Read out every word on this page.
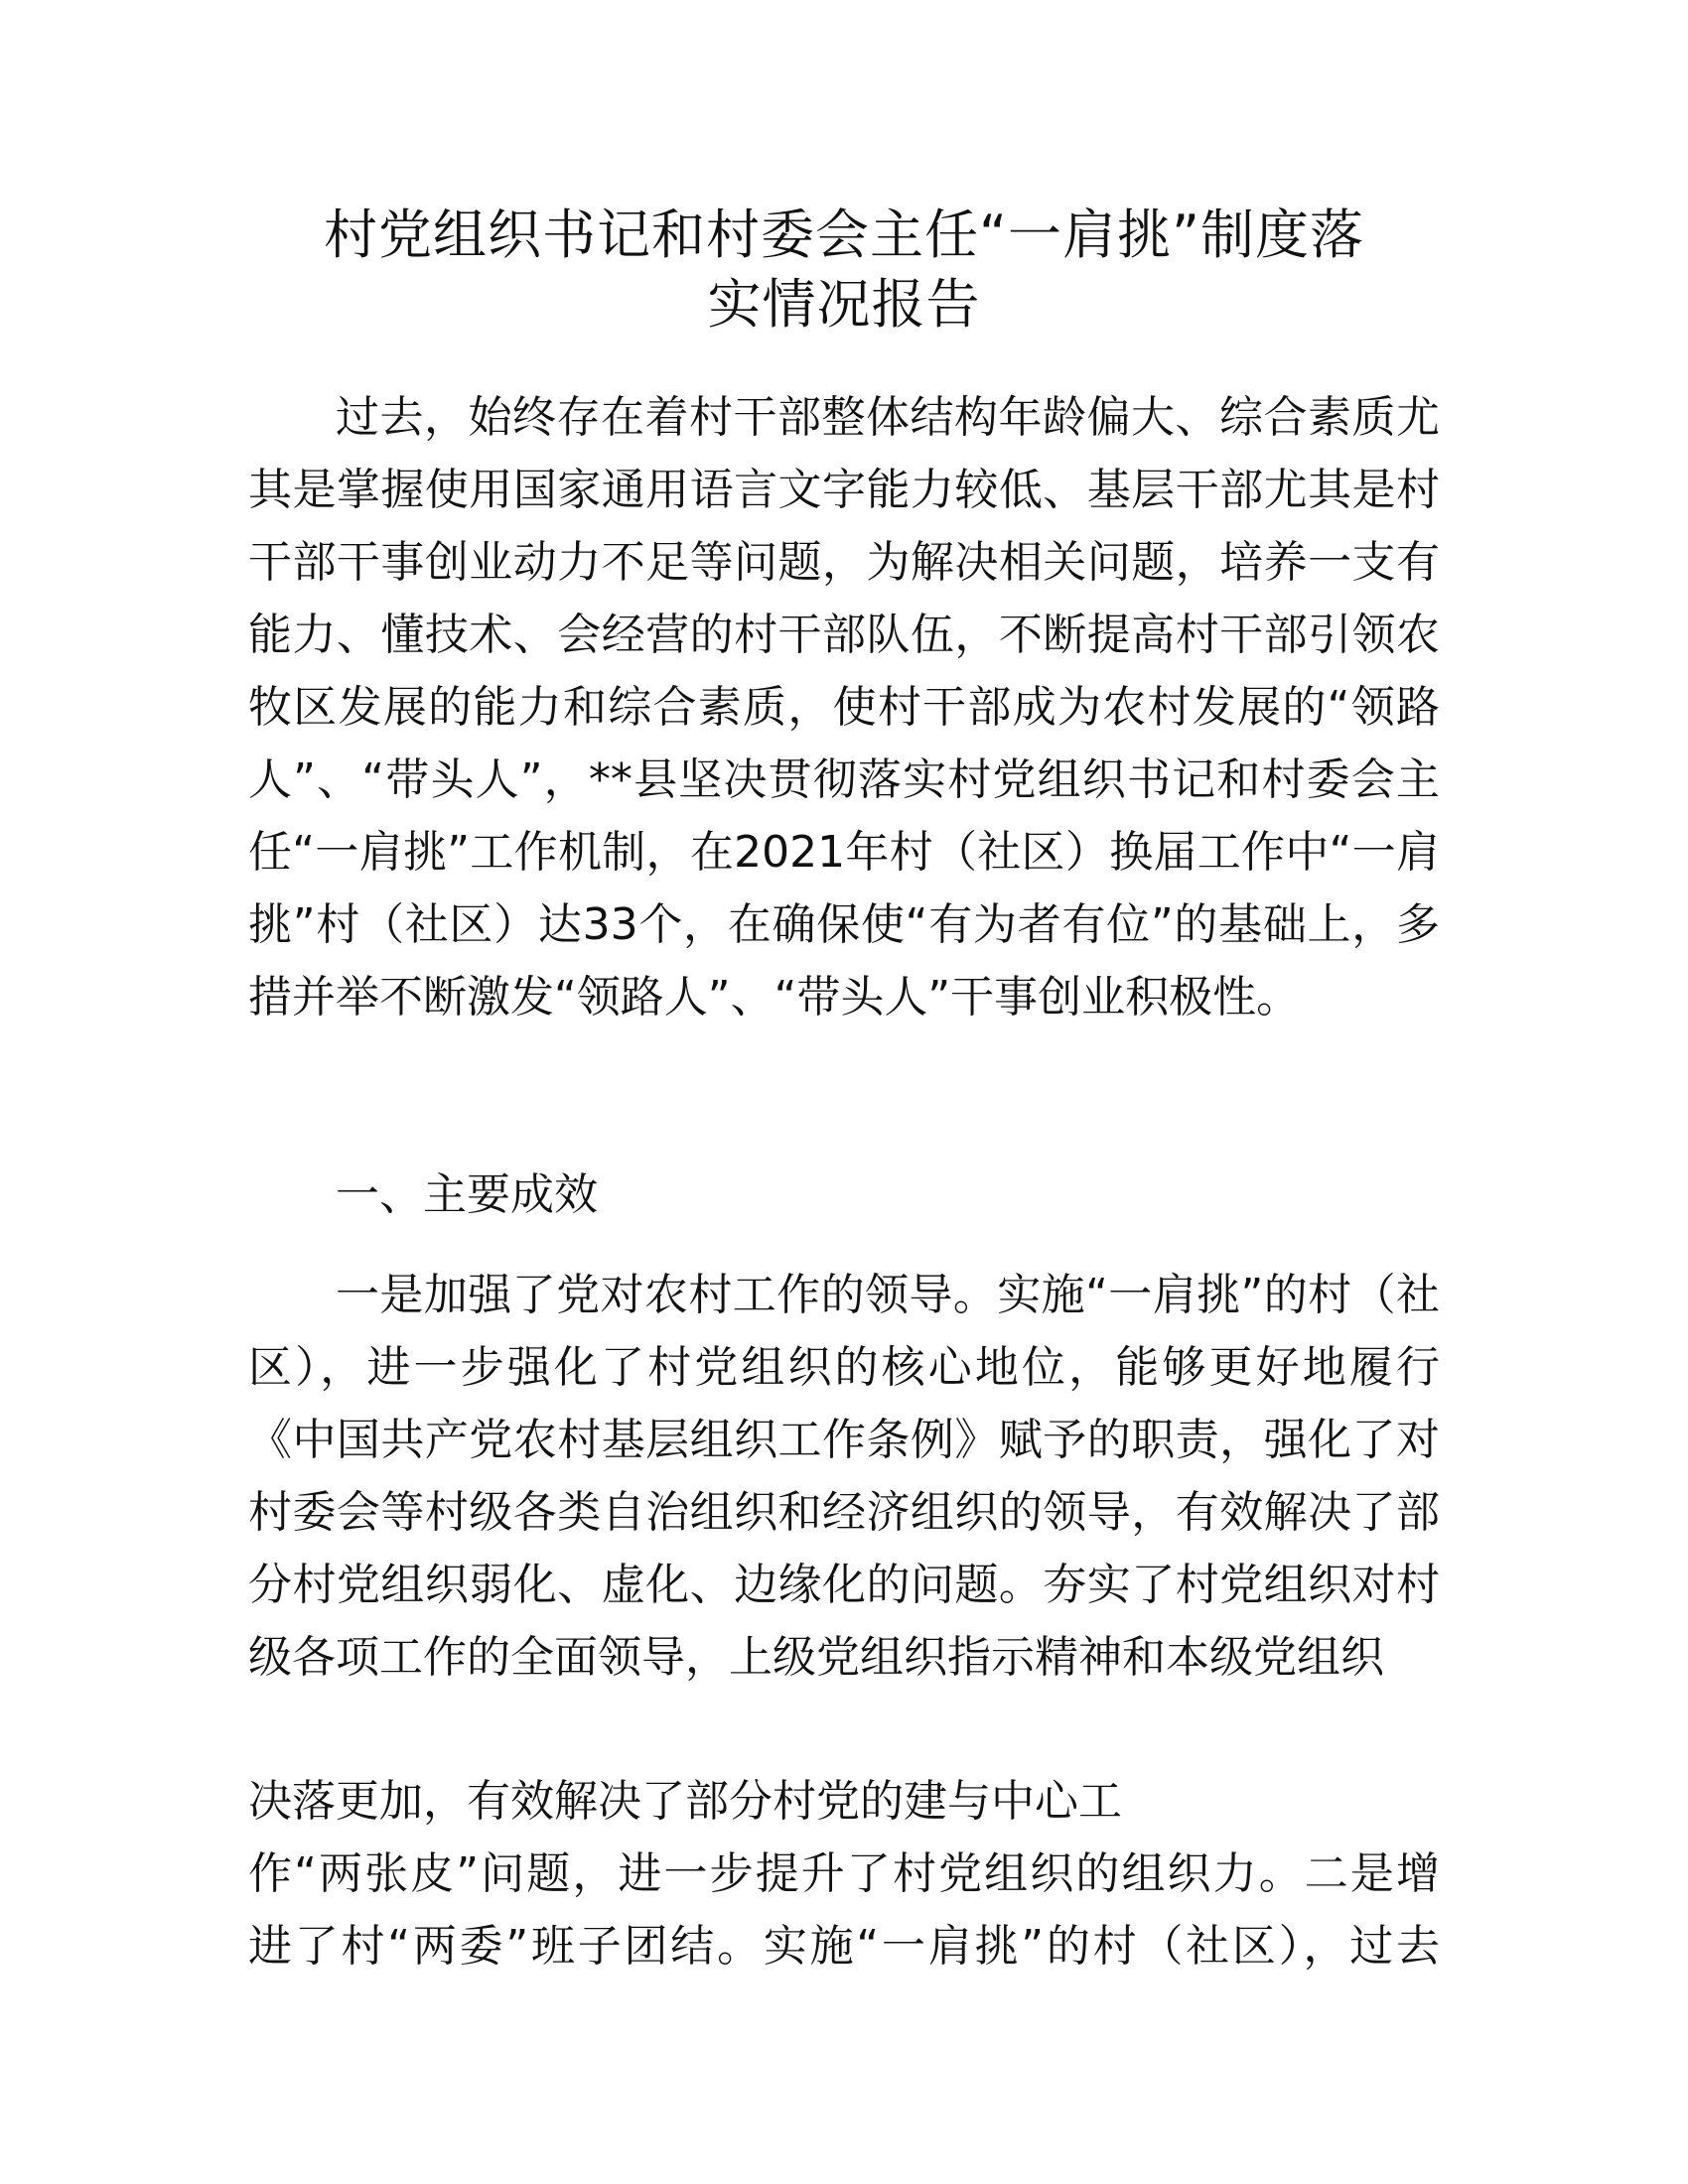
村党组织书记和村委会主任“一肩挑”制度落
实情况报告

过去，始终存在着村干部整体结构年龄偏大、综合素质尤其是掌握使用国家通用语言文字能力较低、基层干部尤其是村干部干事创业动力不足等问题，为解决相关问题，培养一支有能力、懂技术、会经营的村干部队伍，不断提高村干部引领农牧区发展的能力和综合素质，使村干部成为农村发展的“领路人”、“带头人”，**县坚决贯彻落实村党组织书记和村委会主任“一肩挑”工作机制，在2021年村（社区）换届工作中“一肩挑”村（社区）达33个，在确保使“有为者有位”的基础上，多措并举不断激发“领路人”、“带头人”干事创业积极性。

一、主要成效

一是加强了党对农村工作的领导。实施“一肩挑”的村（社区），进一步强化了村党组织的核心地位，能够更好地履行《中国共产党农村基层组织工作条例》赋予的职责，强化了对村委会等村级各类自治组织和经济组织的领导，有效解决了部分村党组织弱化、虚化、边缘化的问题。夯实了村党组织对村级各项工作的全面领导，上级党组织指示精神和本级党组织

决落更加，有效解决了部分村党的建与中心工

作“两张皮”问题，进一步提升了村党组织的组织力。二是增

进了村“两委”班子团结。实施“一肩挑”的村（社区），过去
